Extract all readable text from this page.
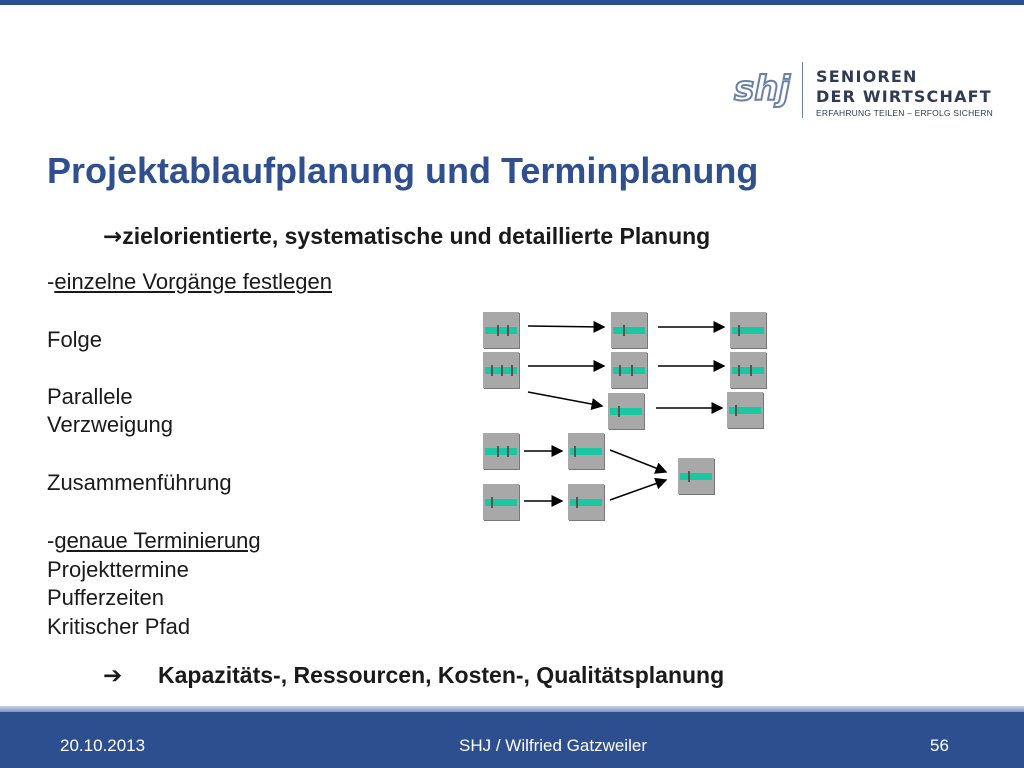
shj SENIOREN
DER WIRTSCHAFT
ERFAHRUNG TEILEN – ERFOLG SICHERN
Projektablaufplanung und Terminplanung
→zielorientierte, systematische und detaillierte Planung
-einzelne Vorgänge festlegen
Folge
Parallele
Verzweigung
Zusammenführung
-genaue Terminierung
Projekttermine
Pufferzeiten
Kritischer Pfad
➔ Kapazitäts-, Ressourcen, Kosten-, Qualitätsplanung
20.10.2013	SHJ / Wilfried Gatzweiler	56
